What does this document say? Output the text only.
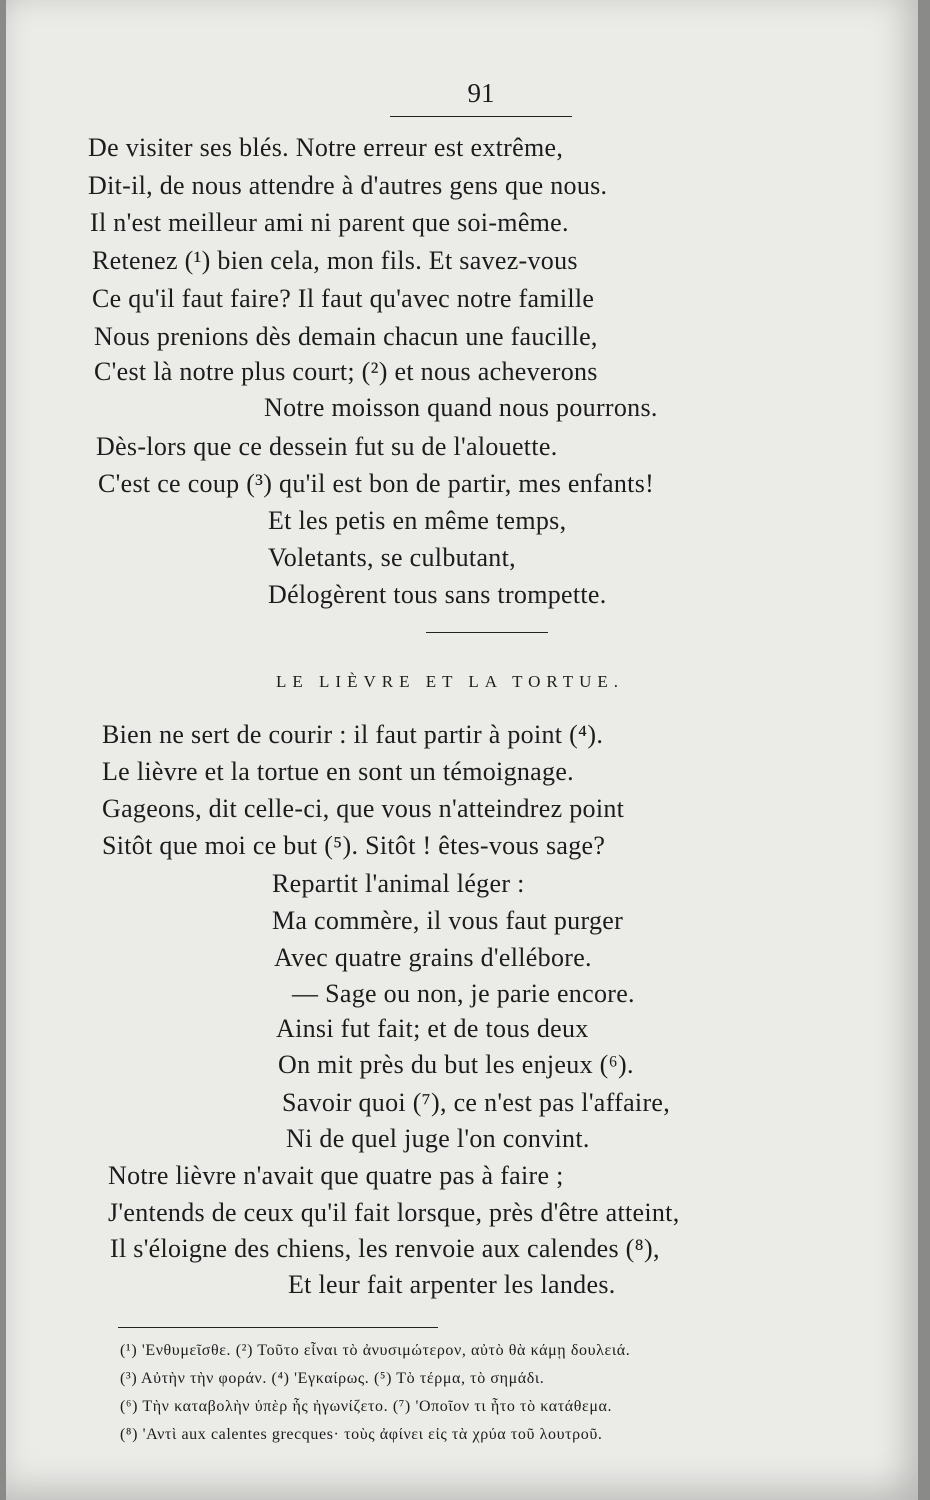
91
De visiter ses blés. Notre erreur est extrême,
Dit-il, de nous attendre à d'autres gens que nous.
Il n'est meilleur ami ni parent que soi-même.
Retenez (¹) bien cela, mon fils. Et savez-vous
Ce qu'il faut faire? Il faut qu'avec notre famille
Nous prenions dès demain chacun une faucille,
C'est là notre plus court; (²) et nous acheverons
Notre moisson quand nous pourrons.
Dès-lors que ce dessein fut su de l'alouette.
C'est ce coup (³) qu'il est bon de partir, mes enfants!
Et les petis en même temps,
Voletants, se culbutant,
Délogèrent tous sans trompette.
LE LIÈVRE ET LA TORTUE.
Bien ne sert de courir : il faut partir à point (⁴).
Le lièvre et la tortue en sont un témoignage.
Gageons, dit celle-ci, que vous n'atteindrez point
Sitôt que moi ce but (⁵). Sitôt ! êtes-vous sage?
Repartit l'animal léger :
Ma commère, il vous faut purger
Avec quatre grains d'ellébore.
— Sage ou non, je parie encore.
Ainsi fut fait; et de tous deux
On mit près du but les enjeux (⁶).
Savoir quoi (⁷), ce n'est pas l'affaire,
Ni de quel juge l'on convint.
Notre lièvre n'avait que quatre pas à faire ;
J'entends de ceux qu'il fait lorsque, près d'être atteint,
Il s'éloigne des chiens, les renvoie aux calendes (⁸),
Et leur fait arpenter les landes.
(¹) 'Ενθυμεῖσθε. (²) Τοῦτο εἶναι τὸ ἀνυσιμώτερον, αὐτὸ θὰ κάμῃ δουλειά.
(³) Αὐτὴν τὴν φοράν. (⁴) 'Εγκαίρως. (⁵) Τὸ τέρμα, τὸ σημάδι.
(⁶) Τὴν καταβολὴν ὑπὲρ ἧς ἠγωνίζετο. (⁷) 'Οποῖον τι ἦτο τὸ κατάθεμα.
(⁸) 'Αντὶ aux calentes grecques· τοὺς ἀφίνει εἰς τὰ χρύα τοῦ λουτροῦ.
